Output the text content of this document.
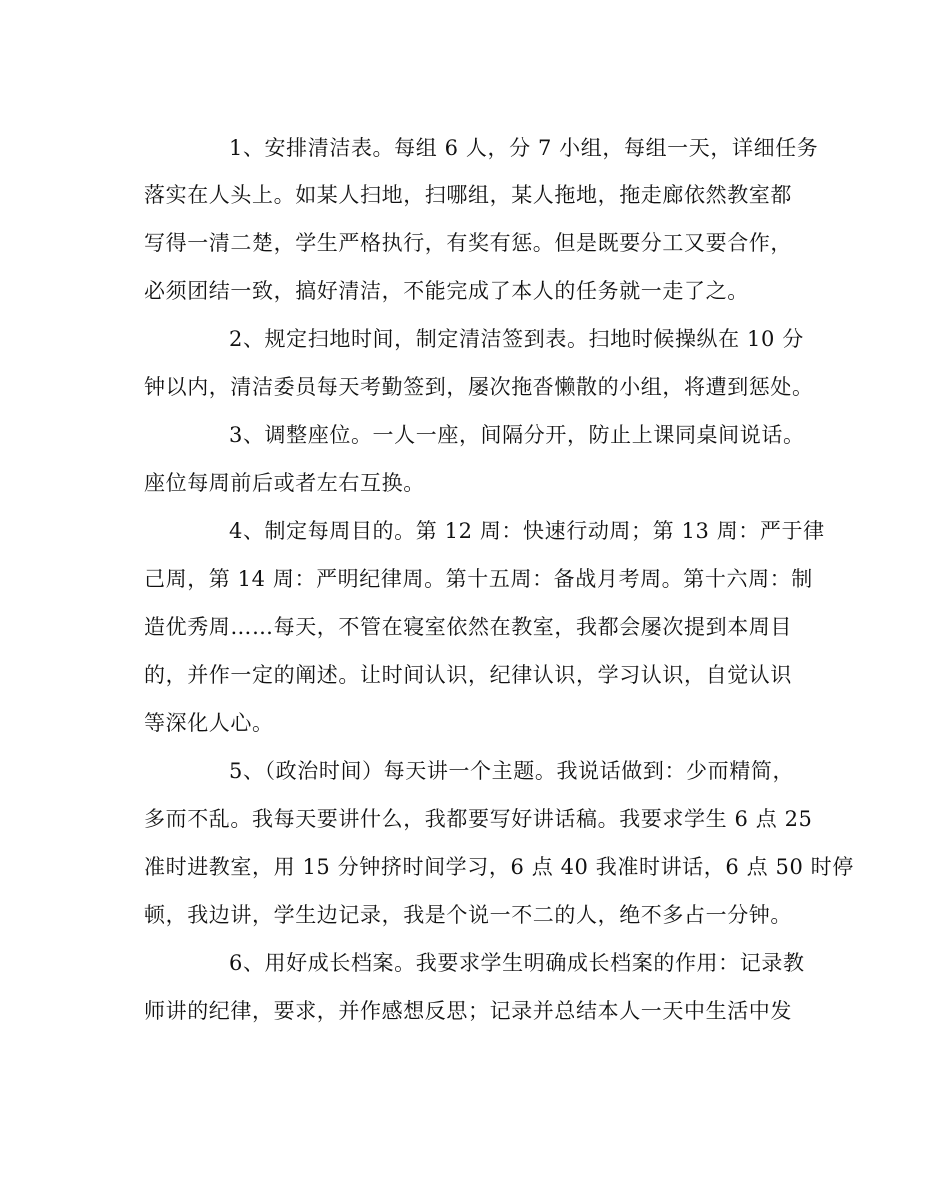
1、安排清洁表。每组 6 人，分 7 小组，每组一天，详细任务
落实在人头上。如某人扫地，扫哪组，某人拖地，拖走廊依然教室都
写得一清二楚，学生严格执行，有奖有惩。但是既要分工又要合作，
必须团结一致，搞好清洁，不能完成了本人的任务就一走了之。
2、规定扫地时间，制定清洁签到表。扫地时候操纵在 10 分
钟以内，清洁委员每天考勤签到，屡次拖沓懒散的小组，将遭到惩处。
3、调整座位。一人一座，间隔分开，防止上课同桌间说话。
座位每周前后或者左右互换。
4、制定每周目的。第 12 周：快速行动周；第 13 周：严于律
己周，第 14 周：严明纪律周。第十五周：备战月考周。第十六周：制
造优秀周……每天，不管在寝室依然在教室，我都会屡次提到本周目
的，并作一定的阐述。让时间认识，纪律认识，学习认识，自觉认识
等深化人心。
5、（政治时间）每天讲一个主题。我说话做到：少而精简，
多而不乱。我每天要讲什么，我都要写好讲话稿。我要求学生 6 点 25
准时进教室，用 15 分钟挤时间学习，6 点 40 我准时讲话，6 点 50 时停
顿，我边讲，学生边记录，我是个说一不二的人，绝不多占一分钟。
6、用好成长档案。我要求学生明确成长档案的作用：记录教
师讲的纪律，要求，并作感想反思；记录并总结本人一天中生活中发
